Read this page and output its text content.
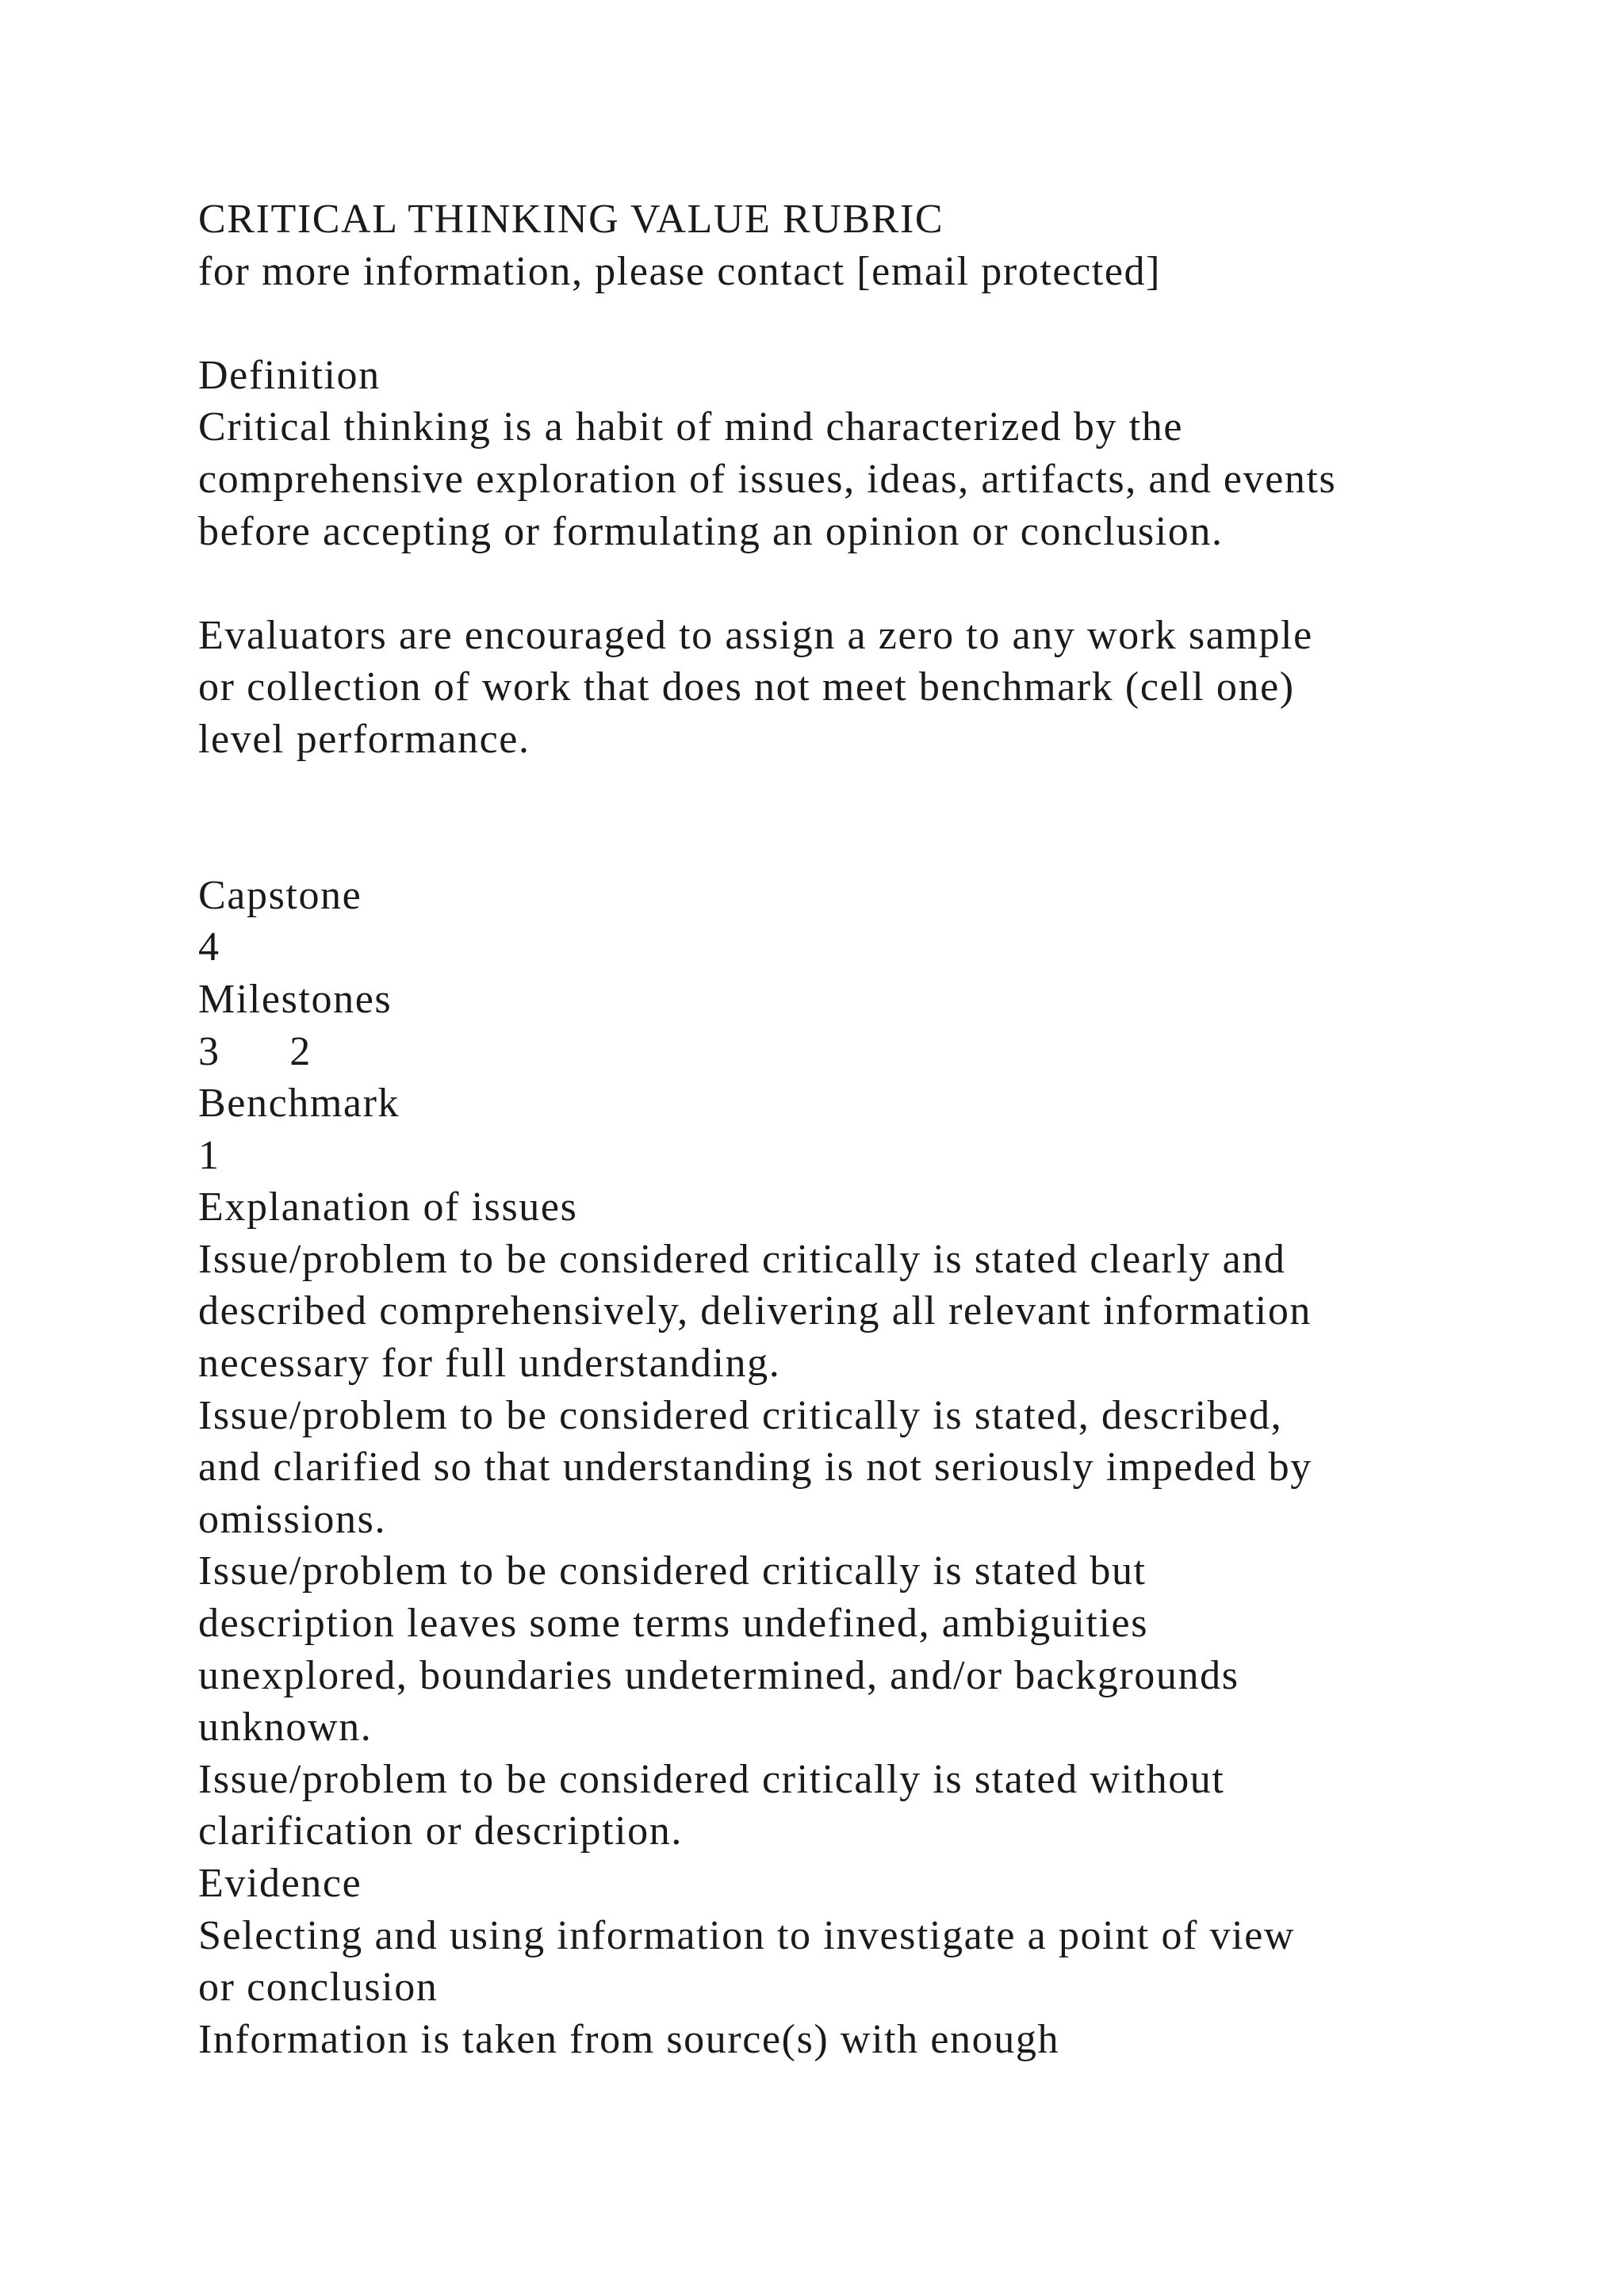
CRITICAL THINKING VALUE RUBRIC
for more information, please contact [email protected]
Definition
Critical thinking is a habit of mind characterized by the
comprehensive exploration of issues, ideas, artifacts, and events
before accepting or formulating an opinion or conclusion.
Evaluators are encouraged to assign a zero to any work sample
or collection of work that does not meet benchmark (cell one)
level performance.
Capstone
4
Milestones
3      2
Benchmark
1
Explanation of issues
Issue/problem to be considered critically is stated clearly and
described comprehensively, delivering all relevant information
necessary for full understanding.
Issue/problem to be considered critically is stated, described,
and clarified so that understanding is not seriously impeded by
omissions.
Issue/problem to be considered critically is stated but
description leaves some terms undefined, ambiguities
unexplored, boundaries undetermined, and/or backgrounds
unknown.
Issue/problem to be considered critically is stated without
clarification or description.
Evidence
Selecting and using information to investigate a point of view
or conclusion
Information is taken from source(s) with enough
